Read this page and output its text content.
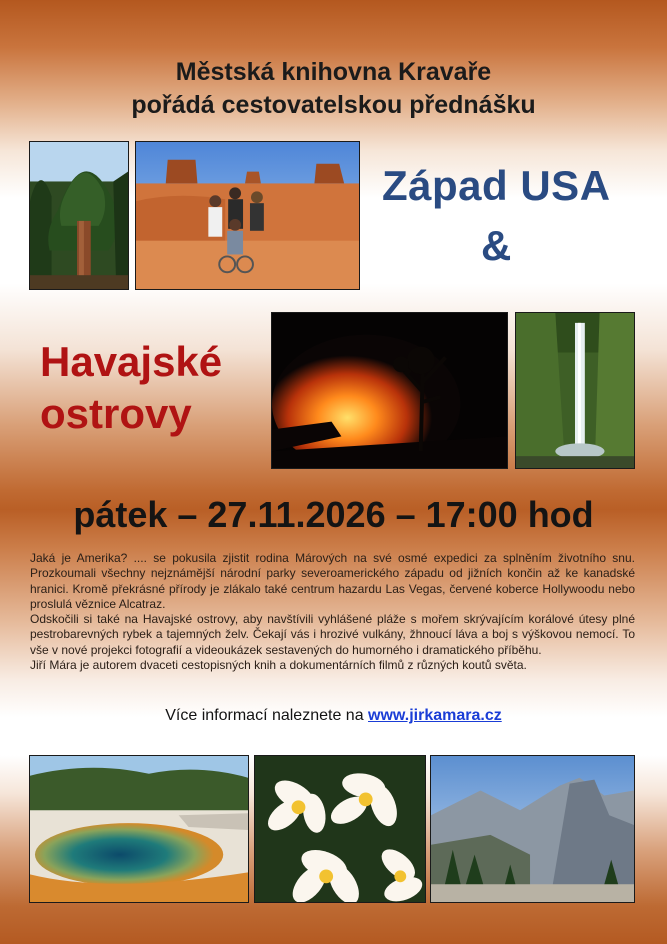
Městská knihovna Kravaře
pořádá cestovatelskou přednášku
Západ USA
&
Havajské
ostrovy
pátek – 27.11.2026 – 17:00 hod
Jaká je Amerika? .... se pokusila zjistit rodina Márových na své osmé expedici za splněním životního snu. Prozkoumali všechny nejznámější národní parky severoamerického západu od jižních končin až ke kanadské hranici. Kromě překrásné přírody je zlákalo také centrum hazardu Las Vegas, červené koberce Hollywoodu nebo proslulá věznice Alcatraz.
Odskočili si také na Havajské ostrovy, aby navštívili vyhlášené pláže s mořem skrývajícím korálové útesy plné pestrobarevných rybek a tajemných želv. Čekají vás i hrozivé vulkány, žhnoucí láva a boj s výškovou nemocí. To vše v nové projekci fotografií a videoukázek sestavených do humorného i dramatického příběhu.
Jiří Mára je autorem dvaceti cestopisných knih a dokumentárních filmů z různých koutů světa.
Více informací naleznete na www.jirkamara.cz
